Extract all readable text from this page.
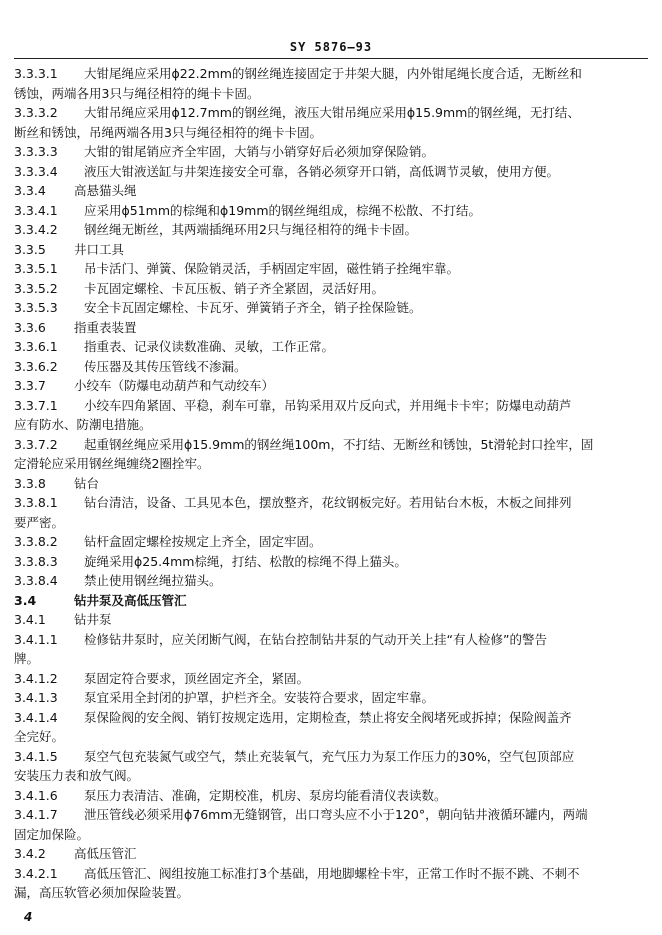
SY 5876—93
3.3.3.1 大钳尾绳应采用ϕ22.2mm的钢丝绳连接固定于井架大腿，内外钳尾绳长度合适，无断丝和
锈蚀，两端各用3只与绳径相符的绳卡卡固。
3.3.3.2 大钳吊绳应采用ϕ12.7mm的钢丝绳，液压大钳吊绳应采用ϕ15.9mm的钢丝绳，无打结、
断丝和锈蚀，吊绳两端各用3只与绳径相符的绳卡卡固。
3.3.3.3 大钳的钳尾销应齐全牢固，大销与小销穿好后必须加穿保险销。
3.3.3.4 液压大钳液送缸与井架连接安全可靠，各销必须穿开口销，高低调节灵敏，使用方便。
3.3.4 高悬猫头绳
3.3.4.1 应采用ϕ51mm的棕绳和ϕ19mm的钢丝绳组成，棕绳不松散、不打结。
3.3.4.2 钢丝绳无断丝，其两端插绳环用2只与绳径相符的绳卡卡固。
3.3.5 井口工具
3.3.5.1 吊卡活门、弹簧、保险销灵活，手柄固定牢固，磁性销子拴绳牢靠。
3.3.5.2 卡瓦固定螺栓、卡瓦压板、销子齐全紧固，灵活好用。
3.3.5.3 安全卡瓦固定螺栓、卡瓦牙、弹簧销子齐全，销子拴保险链。
3.3.6 指重表装置
3.3.6.1 指重表、记录仪读数准确、灵敏，工作正常。
3.3.6.2 传压器及其传压管线不渗漏。
3.3.7 小绞车（防爆电动葫芦和气动绞车）
3.3.7.1 小绞车四角紧固、平稳，刹车可靠，吊钩采用双片反向式，并用绳卡卡牢；防爆电动葫芦
应有防水、防潮电措施。
3.3.7.2 起重钢丝绳应采用ϕ15.9mm的钢丝绳100m，不打结、无断丝和锈蚀，5t滑轮封口拴牢，固
定滑轮应采用钢丝绳缠绕2圈拴牢。
3.3.8 钻台
3.3.8.1 钻台清洁，设备、工具见本色，摆放整齐，花纹钢板完好。若用钻台木板，木板之间排列
要严密。
3.3.8.2 钻杆盒固定螺栓按规定上齐全，固定牢固。
3.3.8.3 旋绳采用ϕ25.4mm棕绳，打结、松散的棕绳不得上猫头。
3.3.8.4 禁止使用钢丝绳拉猫头。
3.4	钻井泵及高低压管汇
3.4.1 钻井泵
3.4.1.1 检修钻井泵时，应关闭断气阀，在钻台控制钻井泵的气动开关上挂“有人检修”的警告
牌。
3.4.1.2 泵固定符合要求，顶丝固定齐全，紧固。
3.4.1.3 泵宜采用全封闭的护罩，护栏齐全。安装符合要求，固定牢靠。
3.4.1.4 泵保险阀的安全阀、销钉按规定选用，定期检查，禁止将安全阀堵死或拆掉；保险阀盖齐
全完好。
3.4.1.5 泵空气包充装氮气或空气，禁止充装氧气，充气压力为泵工作压力的30%，空气包顶部应
安装压力表和放气阀。
3.4.1.6 泵压力表清洁、准确，定期校准，机房、泵房均能看清仪表读数。
3.4.1.7 泄压管线必须采用ϕ76mm无缝钢管，出口弯头应不小于120°，朝向钻井液循环罐内，两端
固定加保险。
3.4.2 高低压管汇
3.4.2.1 高低压管汇、阀组按施工标准打3个基础，用地脚螺栓卡牢，正常工作时不振不跳、不刺不
漏，高压软管必须加保险装置。
4
